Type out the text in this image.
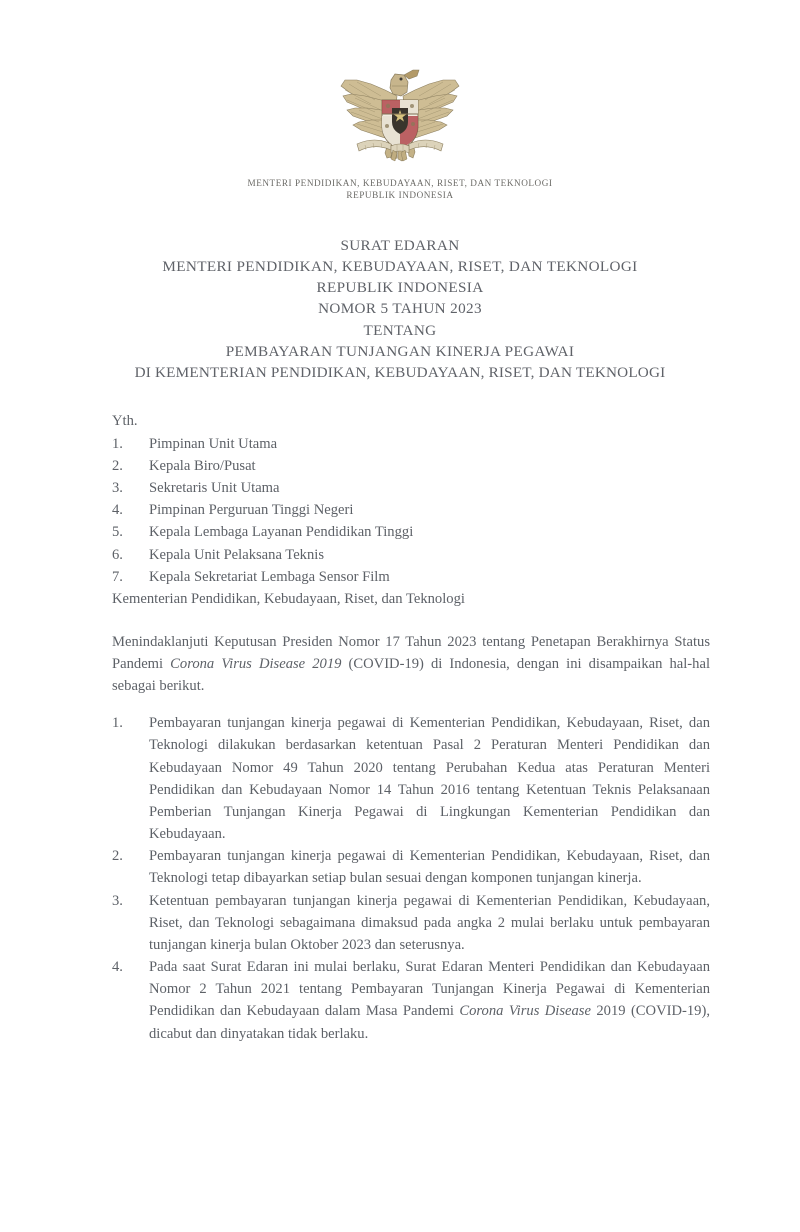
MENTERI PENDIDIKAN, KEBUDAYAAN, RISET, DAN TEKNOLOGI
REPUBLIK INDONESIA
SURAT EDARAN
MENTERI PENDIDIKAN, KEBUDAYAAN, RISET, DAN TEKNOLOGI
REPUBLIK INDONESIA
NOMOR 5 TAHUN 2023
TENTANG
PEMBAYARAN TUNJANGAN KINERJA PEGAWAI
DI KEMENTERIAN PENDIDIKAN, KEBUDAYAAN, RISET, DAN TEKNOLOGI
Yth.
1.	Pimpinan Unit Utama
2.	Kepala Biro/Pusat
3.	Sekretaris Unit Utama
4.	Pimpinan Perguruan Tinggi Negeri
5.	Kepala Lembaga Layanan Pendidikan Tinggi
6.	Kepala Unit Pelaksana Teknis
7.	Kepala Sekretariat Lembaga Sensor Film
Kementerian Pendidikan, Kebudayaan, Riset, dan Teknologi

Menindaklanjuti Keputusan Presiden Nomor 17 Tahun 2023 tentang Penetapan Berakhirnya Status Pandemi Corona Virus Disease 2019 (COVID-19) di Indonesia, dengan ini disampaikan hal-hal sebagai berikut.

1.	Pembayaran tunjangan kinerja pegawai di Kementerian Pendidikan, Kebudayaan, Riset, dan Teknologi dilakukan berdasarkan ketentuan Pasal 2 Peraturan Menteri Pendidikan dan Kebudayaan Nomor 49 Tahun 2020 tentang Perubahan Kedua atas Peraturan Menteri Pendidikan dan Kebudayaan Nomor 14 Tahun 2016 tentang Ketentuan Teknis Pelaksanaan Pemberian Tunjangan Kinerja Pegawai di Lingkungan Kementerian Pendidikan dan Kebudayaan.
2.	Pembayaran tunjangan kinerja pegawai di Kementerian Pendidikan, Kebudayaan, Riset, dan Teknologi tetap dibayarkan setiap bulan sesuai dengan komponen tunjangan kinerja.
3.	Ketentuan pembayaran tunjangan kinerja pegawai di Kementerian Pendidikan, Kebudayaan, Riset, dan Teknologi sebagaimana dimaksud pada angka 2 mulai berlaku untuk pembayaran tunjangan kinerja bulan Oktober 2023 dan seterusnya.
4.	Pada saat Surat Edaran ini mulai berlaku, Surat Edaran Menteri Pendidikan dan Kebudayaan Nomor 2 Tahun 2021 tentang Pembayaran Tunjangan Kinerja Pegawai di Kementerian Pendidikan dan Kebudayaan dalam Masa Pandemi Corona Virus Disease 2019 (COVID-19), dicabut dan dinyatakan tidak berlaku.
